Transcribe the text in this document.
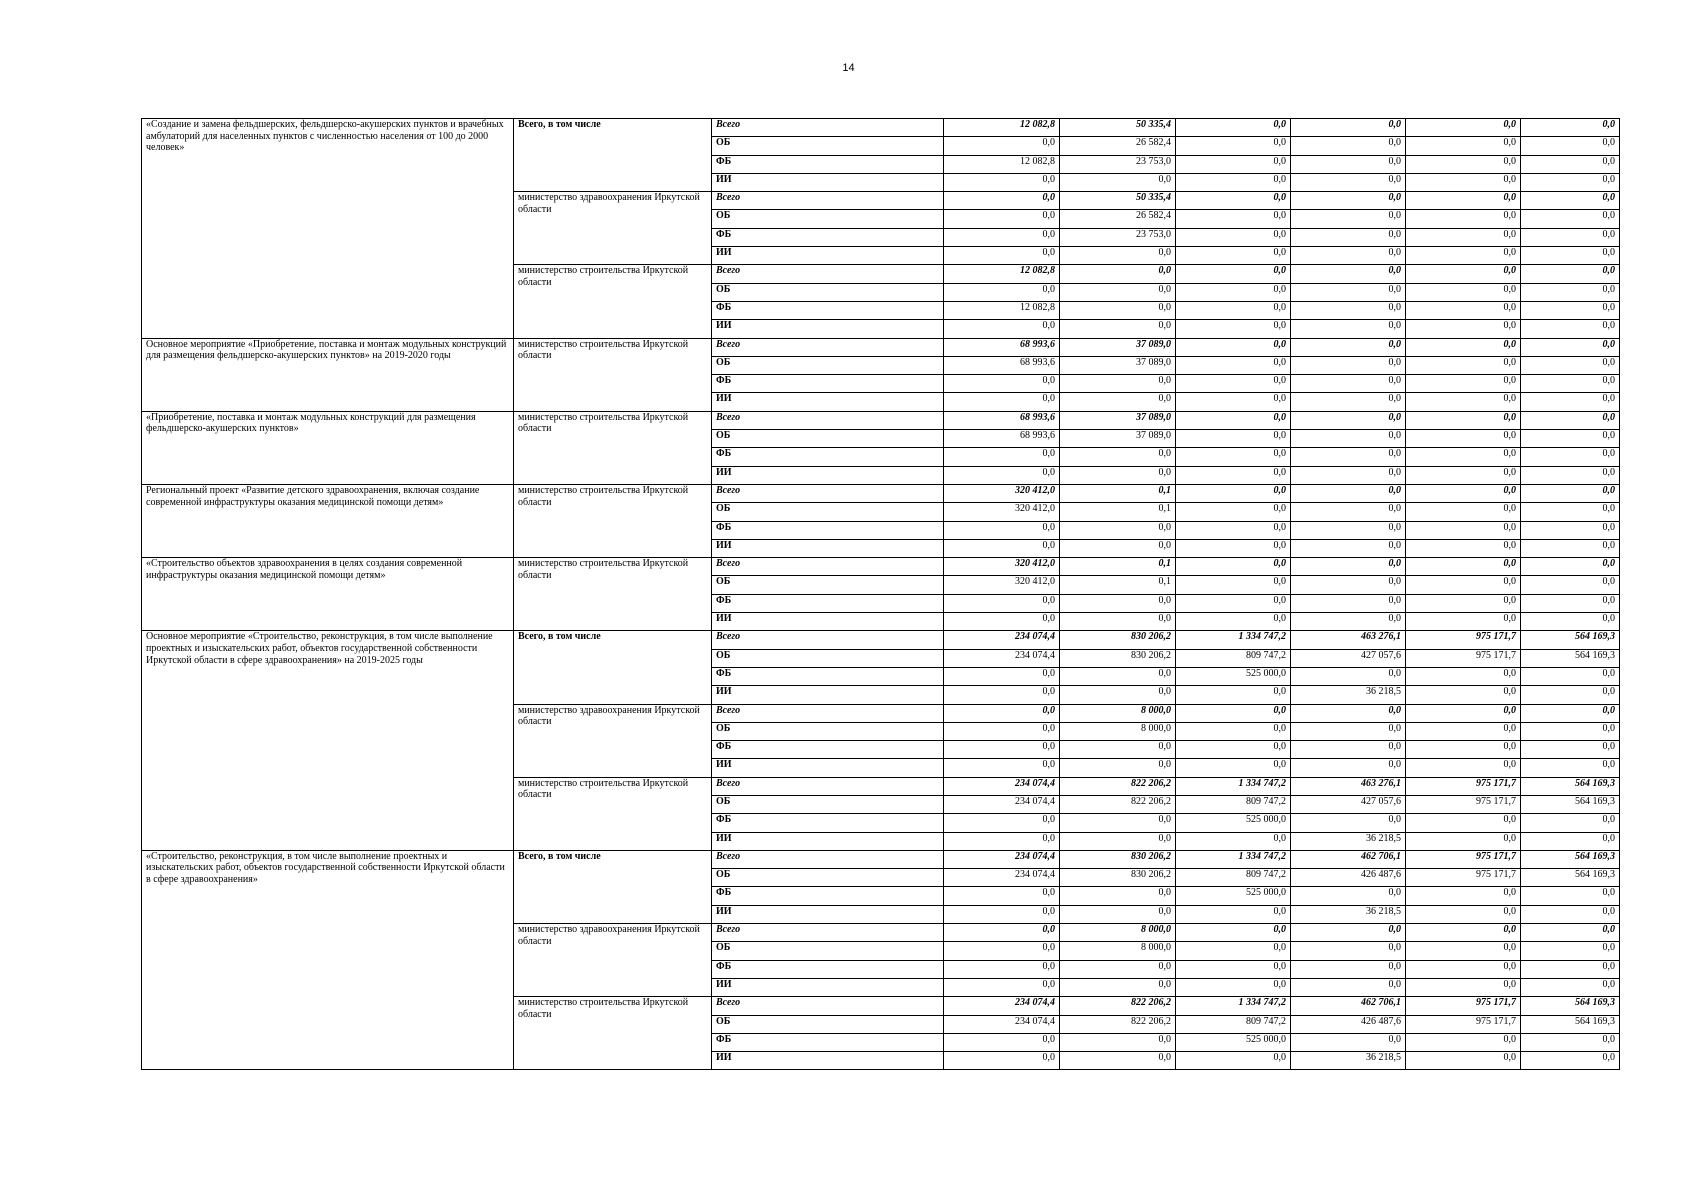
14
«Создание и замена фельдшерских, фельдшерско-акушерских пунктов и врачебных амбулаторий для населенных пунктов с численностью населения от 100 до 2000 человек»	Всего, в том числе	Всего	12 082,8	50 335,4	0,0	0,0	0,0	0,0	
		ОБ	0,0	26 582,4	0,0	0,0	0,0	0,0	
		ФБ	12 082,8	23 753,0	0,0	0,0	0,0	0,0	
		ИИ	0,0	0,0	0,0	0,0	0,0	0,0	
	министерство здравоохранения Иркутской области	Всего	0,0	50 335,4	0,0	0,0	0,0	0,0	
		ОБ	0,0	26 582,4	0,0	0,0	0,0	0,0	
		ФБ	0,0	23 753,0	0,0	0,0	0,0	0,0	
		ИИ	0,0	0,0	0,0	0,0	0,0	0,0	
	министерство строительства Иркутской области	Всего	12 082,8	0,0	0,0	0,0	0,0	0,0	
		ОБ	0,0	0,0	0,0	0,0	0,0	0,0	
		ФБ	12 082,8	0,0	0,0	0,0	0,0	0,0	
		ИИ	0,0	0,0	0,0	0,0	0,0	0,0	
Основное мероприятие «Приобретение, поставка и монтаж модульных конструкций для размещения фельдшерско-акушерских пунктов» на 2019-2020 годы	министерство строительства Иркутской области	Всего	68 993,6	37 089,0	0,0	0,0	0,0	0,0	
		ОБ	68 993,6	37 089,0	0,0	0,0	0,0	0,0	
		ФБ	0,0	0,0	0,0	0,0	0,0	0,0	
		ИИ	0,0	0,0	0,0	0,0	0,0	0,0	
«Приобретение, поставка и монтаж модульных конструкций для размещения фельдшерско-акушерских пунктов»	министерство строительства Иркутской области	Всего	68 993,6	37 089,0	0,0	0,0	0,0	0,0	
		ОБ	68 993,6	37 089,0	0,0	0,0	0,0	0,0	
		ФБ	0,0	0,0	0,0	0,0	0,0	0,0	
		ИИ	0,0	0,0	0,0	0,0	0,0	0,0	
Региональный проект «Развитие детского здравоохранения, включая создание современной инфраструктуры оказания медицинской помощи детям»	министерство строительства Иркутской области	Всего	320 412,0	0,1	0,0	0,0	0,0	0,0	
		ОБ	320 412,0	0,1	0,0	0,0	0,0	0,0	
		ФБ	0,0	0,0	0,0	0,0	0,0	0,0	
		ИИ	0,0	0,0	0,0	0,0	0,0	0,0	
«Строительство объектов здравоохранения в целях создания современной инфраструктуры оказания медицинской помощи детям»	министерство строительства Иркутской области	Всего	320 412,0	0,1	0,0	0,0	0,0	0,0	
		ОБ	320 412,0	0,1	0,0	0,0	0,0	0,0	
		ФБ	0,0	0,0	0,0	0,0	0,0	0,0	
		ИИ	0,0	0,0	0,0	0,0	0,0	0,0	
Основное мероприятие «Строительство, реконструкция, в том числе выполнение проектных и изыскательских работ, объектов государственной собственности Иркутской области в сфере здравоохранения» на 2019-2025 годы	Всего, в том числе	Всего	234 074,4	830 206,2	1 334 747,2	463 276,1	975 171,7	564 169,3	
		ОБ	234 074,4	830 206,2	809 747,2	427 057,6	975 171,7	564 169,3	
		ФБ	0,0	0,0	525 000,0	0,0	0,0	0,0	
		ИИ	0,0	0,0	0,0	36 218,5	0,0	0,0	
	министерство здравоохранения Иркутской области	Всего	0,0	8 000,0	0,0	0,0	0,0	0,0	
		ОБ	0,0	8 000,0	0,0	0,0	0,0	0,0	
		ФБ	0,0	0,0	0,0	0,0	0,0	0,0	
		ИИ	0,0	0,0	0,0	0,0	0,0	0,0	
	министерство строительства Иркутской области	Всего	234 074,4	822 206,2	1 334 747,2	463 276,1	975 171,7	564 169,3	
		ОБ	234 074,4	822 206,2	809 747,2	427 057,6	975 171,7	564 169,3	
		ФБ	0,0	0,0	525 000,0	0,0	0,0	0,0	
		ИИ	0,0	0,0	0,0	36 218,5	0,0	0,0	
«Строительство, реконструкция, в том числе выполнение проектных и изыскательских работ, объектов государственной собственности Иркутской области в сфере здравоохранения»	Всего, в том числе	Всего	234 074,4	830 206,2	1 334 747,2	462 706,1	975 171,7	564 169,3	
		ОБ	234 074,4	830 206,2	809 747,2	426 487,6	975 171,7	564 169,3	
		ФБ	0,0	0,0	525 000,0	0,0	0,0	0,0	
		ИИ	0,0	0,0	0,0	36 218,5	0,0	0,0	
	министерство здравоохранения Иркутской области	Всего	0,0	8 000,0	0,0	0,0	0,0	0,0	
		ОБ	0,0	8 000,0	0,0	0,0	0,0	0,0	
		ФБ	0,0	0,0	0,0	0,0	0,0	0,0	
		ИИ	0,0	0,0	0,0	0,0	0,0	0,0	
	министерство строительства Иркутской области	Всего	234 074,4	822 206,2	1 334 747,2	462 706,1	975 171,7	564 169,3	
		ОБ	234 074,4	822 206,2	809 747,2	426 487,6	975 171,7	564 169,3	
		ФБ	0,0	0,0	525 000,0	0,0	0,0	0,0	
		ИИ	0,0	0,0	0,0	36 218,5	0,0	0,0	
